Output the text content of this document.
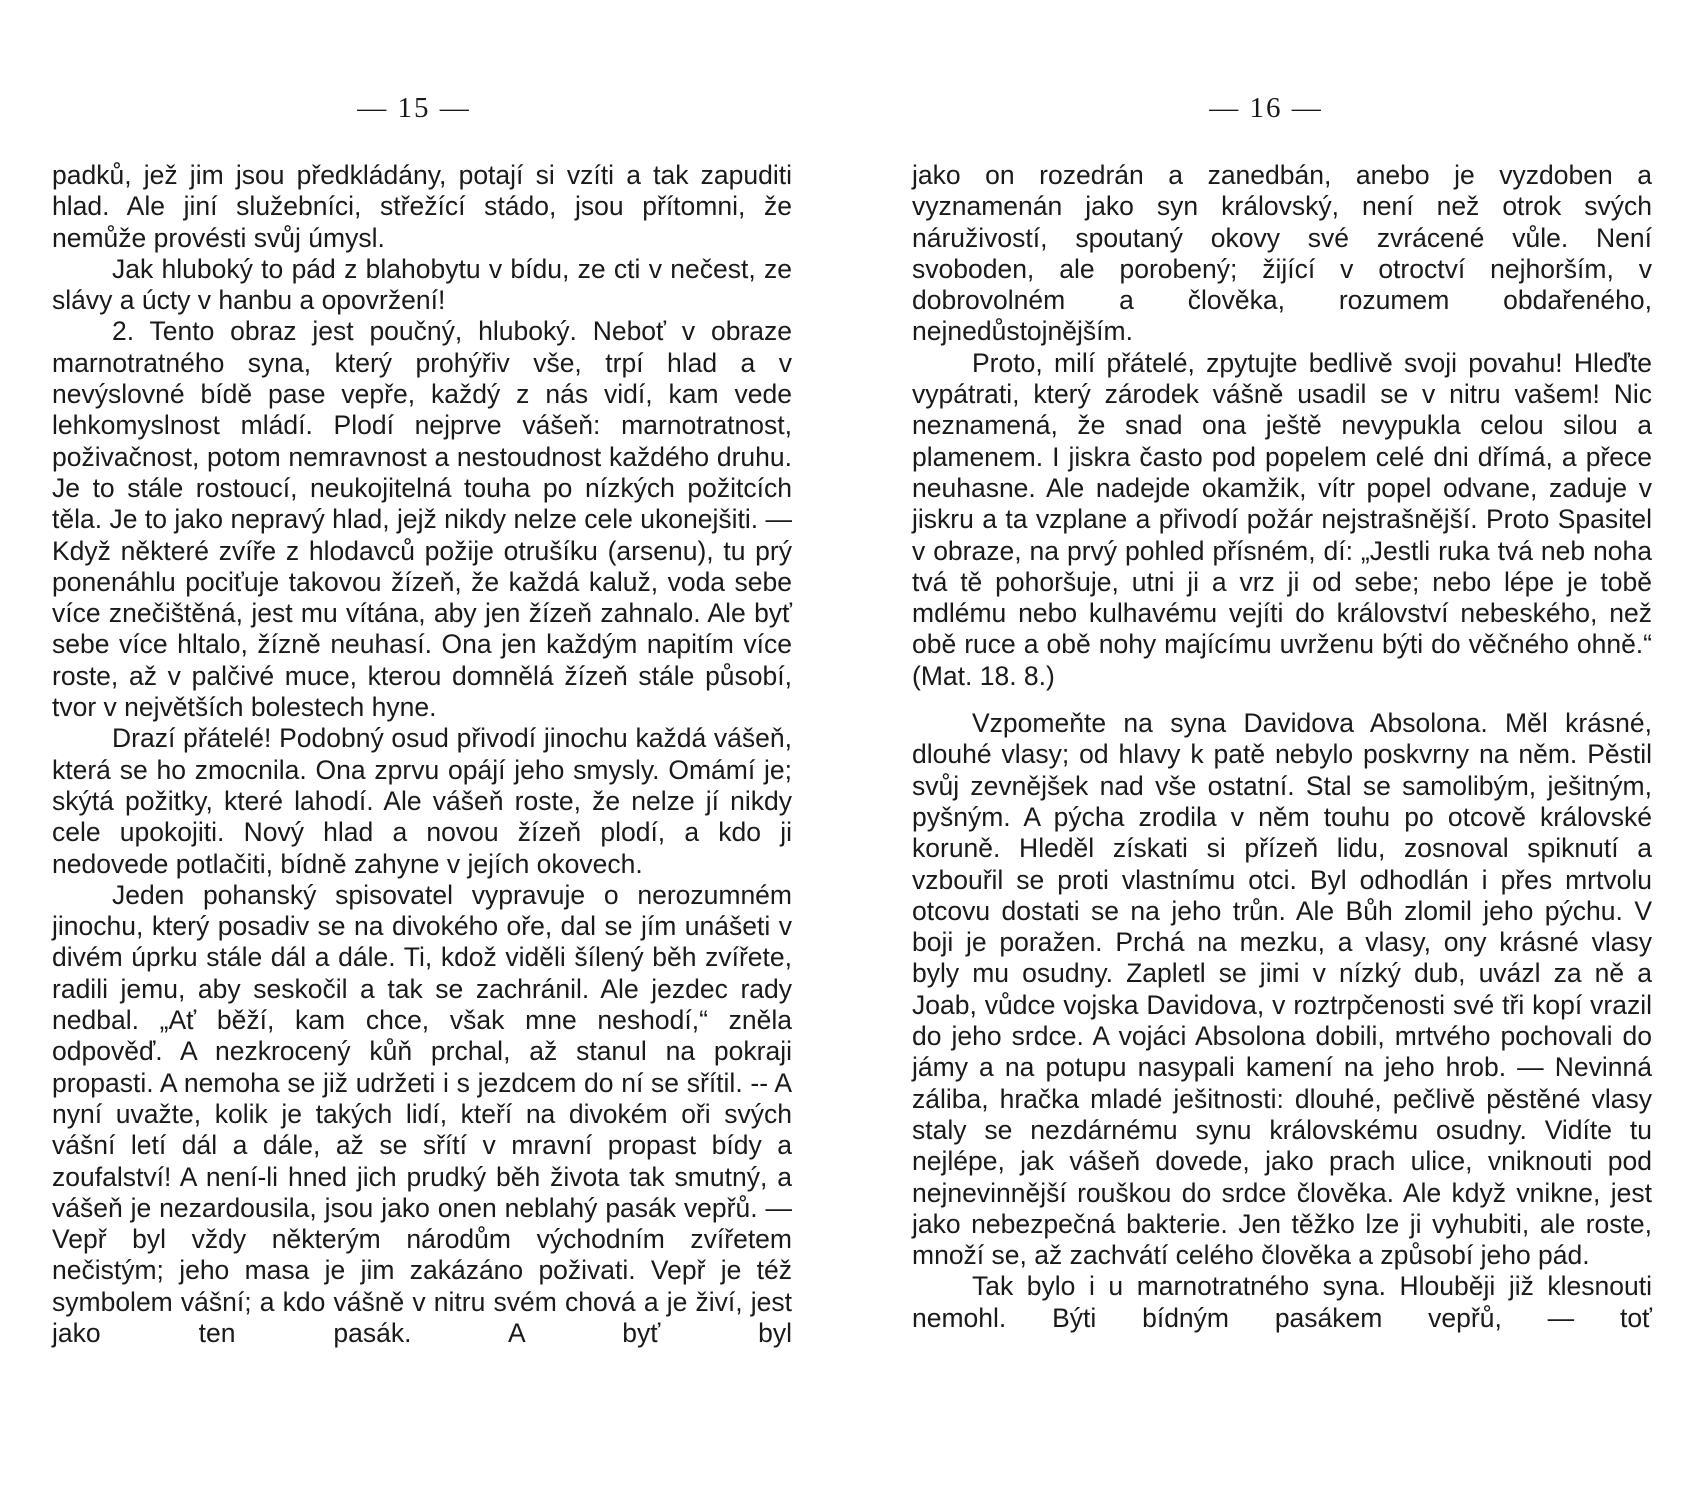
— 15 —

padků, jež jim jsou předkládány, potají si vzíti a tak zapuditi hlad. Ale jiní služebníci, střežící stádo, jsou přítomni, že nemůže provésti svůj úmysl.

Jak hluboký to pád z blahobytu v bídu, ze cti v nečest, ze slávy a úcty v hanbu a opovržení!

2. Tento obraz jest poučný, hluboký. Neboť v obraze marnotratného syna, který prohýřiv vše, trpí hlad a v nevýslovné bídě pase vepře, každý z nás vidí, kam vede lehkomyslnost mládí. Plodí nejprve vášeň: marnotratnost, poživačnost, potom nemravnost a nestoudnost každého druhu. Je to stále rostoucí, neukojitelná touha po nízkých požitcích těla. Je to jako nepravý hlad, jejž nikdy nelze cele ukonejšiti. — Když některé zvíře z hlodavců požije otrušíku (arsenu), tu prý ponenáhlu pociťuje takovou žízeň, že každá kaluž, voda sebe více znečištěná, jest mu vítána, aby jen žízeň zahnalo. Ale byť sebe více hltalo, žízně neuhasí. Ona jen každým napitím více roste, až v palčivé muce, kterou domnělá žízeň stále působí, tvor v největších bolestech hyne.

Drazí přátelé! Podobný osud přivodí jinochu každá vášeň, která se ho zmocnila. Ona zprvu opájí jeho smysly. Omámí je; skýtá požitky, které lahodí. Ale vášeň roste, že nelze jí nikdy cele upokojiti. Nový hlad a novou žízeň plodí, a kdo ji nedovede potlačiti, bídně zahyne v jejích okovech.

Jeden pohanský spisovatel vypravuje o nerozumném jinochu, který posadiv se na divokého oře, dal se jím unášeti v divém úprku stále dál a dále. Ti, kdož viděli šílený běh zvířete, radili jemu, aby seskočil a tak se zachránil. Ale jezdec rady nedbal. „Ať běží, kam chce, však mne neshodí,“ zněla odpověď. A nezkrocený kůň prchal, až stanul na pokraji propasti. A nemoha se již udržeti i s jezdcem do ní se sřítil. -- A nyní uvažte, kolik je takých lidí, kteří na divokém oři svých vášní letí dál a dále, až se sřítí v mravní propast bídy a zoufalství! A není-li hned jich prudký běh života tak smutný, a vášeň je nezardousila, jsou jako onen neblahý pasák vepřů. — Vepř byl vždy některým národům východním zvířetem nečistým; jeho masa je jim zakázáno poživati. Vepř je též symbolem vášní; a kdo vášně v nitru svém chová a je živí, jest jako ten pasák. A byť byl

— 16 —

jako on rozedrán a zanedbán, anebo je vyzdoben a vyznamenán jako syn královský, není než otrok svých náruživostí, spoutaný okovy své zvrácené vůle. Není svoboden, ale porobený; žijící v otroctví nejhorším, v dobrovolném a člověka, rozumem obdařeného, nejnedůstojnějším.

Proto, milí přátelé, zpytujte bedlivě svoji povahu! Hleďte vypátrati, který zárodek vášně usadil se v nitru vašem! Nic neznamená, že snad ona ještě nevypukla celou silou a plamenem. I jiskra často pod popelem celé dni dřímá, a přece neuhasne. Ale nadejde okamžik, vítr popel odvane, zaduje v jiskru a ta vzplane a přivodí požár nejstrašnější. Proto Spasitel v obraze, na prvý pohled přísném, dí: „Jestli ruka tvá neb noha tvá tě pohoršuje, utni ji a vrz ji od sebe; nebo lépe je tobě mdlému nebo kulhavému vejíti do království nebeského, než obě ruce a obě nohy majícímu uvrženu býti do věčného ohně.“ (Mat. 18. 8.)

Vzpomeňte na syna Davidova Absolona. Měl krásné, dlouhé vlasy; od hlavy k patě nebylo poskvrny na něm. Pěstil svůj zevnějšek nad vše ostatní. Stal se samolibým, ješitným, pyšným. A pýcha zrodila v něm touhu po otcově královské koruně. Hleděl získati si přízeň lidu, zosnoval spiknutí a vzbouřil se proti vlastnímu otci. Byl odhodlán i přes mrtvolu otcovu dostati se na jeho trůn. Ale Bůh zlomil jeho pýchu. V boji je poražen. Prchá na mezku, a vlasy, ony krásné vlasy byly mu osudny. Zapletl se jimi v nízký dub, uvázl za ně a Joab, vůdce vojska Davidova, v roztrpčenosti své tři kopí vrazil do jeho srdce. A vojáci Absolona dobili, mrtvého pochovali do jámy a na potupu nasypali kamení na jeho hrob. — Nevinná záliba, hračka mladé ješitnosti: dlouhé, pečlivě pěstěné vlasy staly se nezdárnému synu královskému osudny. Vidíte tu nejlépe, jak vášeň dovede, jako prach ulice, vniknouti pod nejnevinnější rouškou do srdce člověka. Ale když vnikne, jest jako nebezpečná bakterie. Jen těžko lze ji vyhubiti, ale roste, množí se, až zachvátí celého člověka a způsobí jeho pád.

Tak bylo i u marnotratného syna. Hlouběji již klesnouti nemohl. Býti bídným pasákem vepřů, — toť
